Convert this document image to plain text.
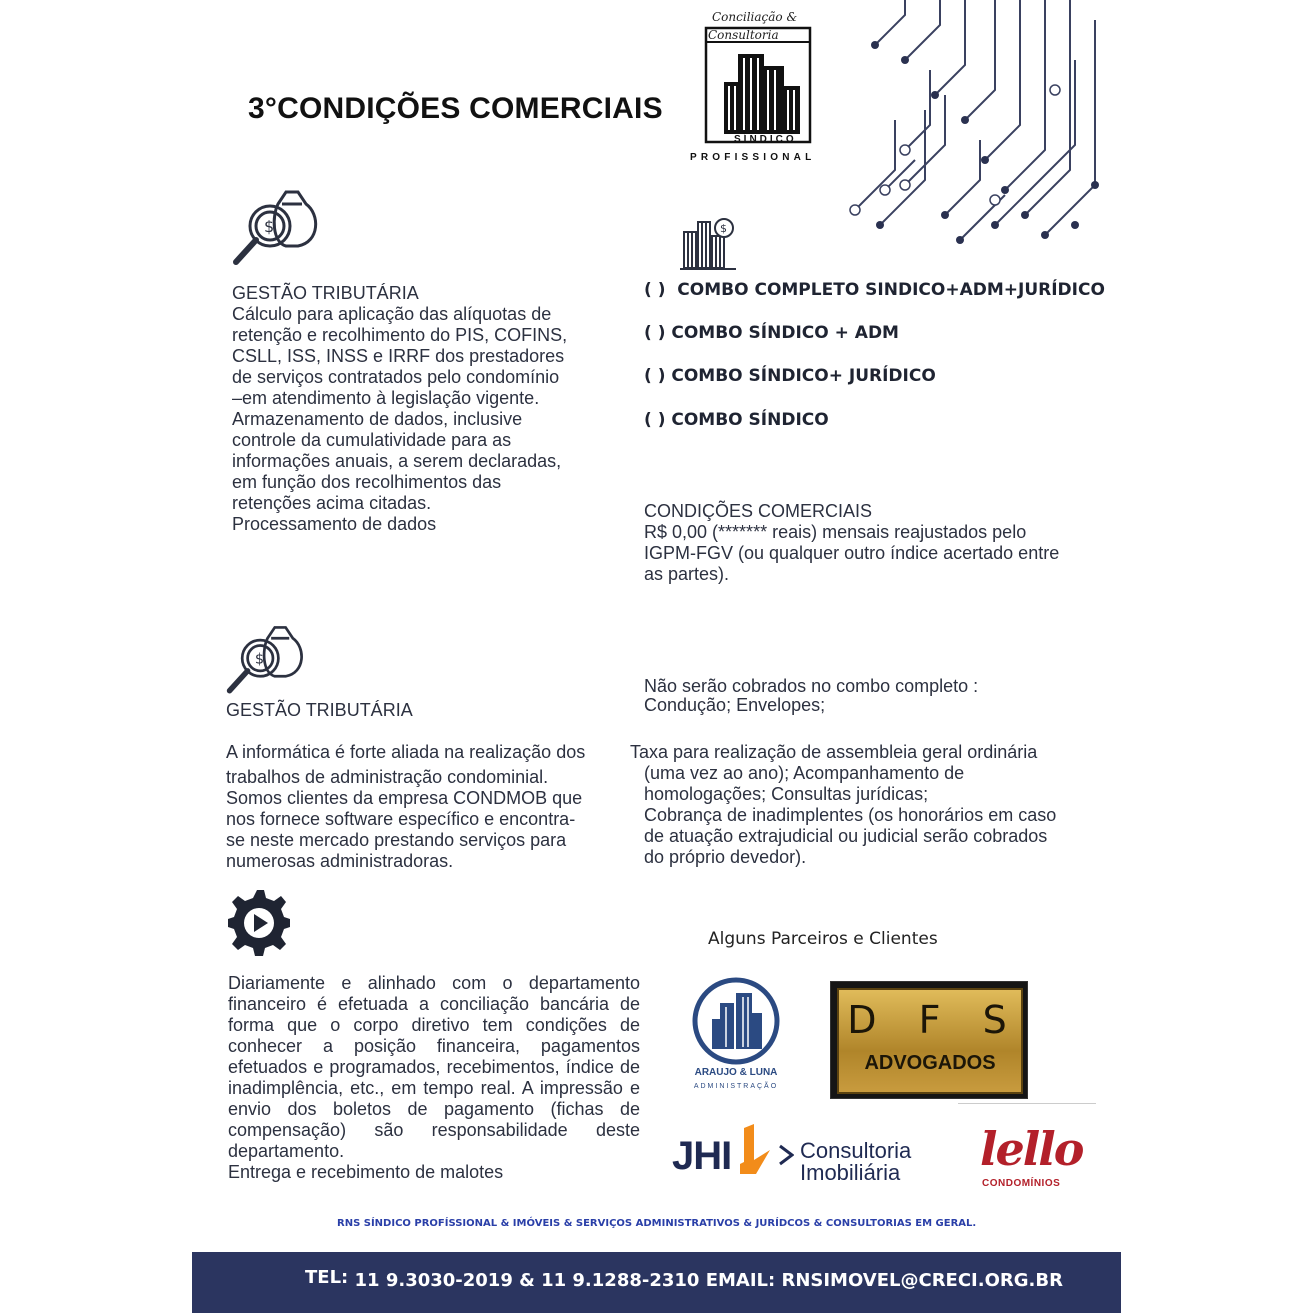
3°CONDIÇÕES COMERCIAIS
Conciliação &
Consultoria
SÍNDICO
PROFISSIONAL
$	$
GESTÃO TRIBUTÁRIA
Cálculo para aplicação das alíquotas de
retenção e recolhimento do PIS, COFINS,
CSLL, ISS, INSS e IRRF dos prestadores
de serviços contratados pelo condomínio
–em atendimento à legislação vigente.
Armazenamento de dados, inclusive
controle da cumulatividade para as
informações anuais, a serem declaradas,
em função dos recolhimentos das
retenções acima citadas.
Processamento de dados
( )  COMBO COMPLETO SINDICO+ADM+JURÍDICO
( ) COMBO SÍNDICO + ADM
( ) COMBO SÍNDICO+ JURÍDICO
( ) COMBO SÍNDICO
CONDIÇÕES COMERCIAIS
R$ 0,00 (******* reais) mensais reajustados pelo
IGPM-FGV (ou qualquer outro índice acertado entre
as partes).
$
GESTÃO TRIBUTÁRIA
A informática é forte aliada na realização dos
trabalhos de administração condominial.
Somos clientes da empresa CONDMOB que
nos fornece software específico e encontra-
se neste mercado prestando serviços para
numerosas administradoras.
Não serão cobrados no combo completo :
Condução; Envelopes;
Taxa para realização de assembleia geral ordinária
(uma vez ao ano); Acompanhamento de
homologações; Consultas jurídicas;
Cobrança de inadimplentes (os honorários em caso
de atuação extrajudicial ou judicial serão cobrados
do próprio devedor).
Diariamente e alinhado com o departamento financeiro é efetuada a conciliação bancária de forma que o corpo diretivo tem condições de conhecer a posição financeira, pagamentos efetuados e programados, recebimentos, índice de inadimplência, etc., em tempo real. A impressão e envio dos boletos de pagamento (fichas de compensação) são responsabilidade deste departamento.
Entrega e recebimento de malotes
Alguns Parceiros e Clientes
ARAUJO & LUNA
ADMINISTRAÇÃO
D  F  S
ADVOGADOS
JHI	Consultoria
Imobiliária lello
CONDOMÍNIOS
RNS SÍNDICO PROFÍSSIONAL & IMÓVEIS & SERVIÇOS ADMINISTRATIVOS & JURÍDCOS & CONSULTORIAS EM GERAL.
TEL: 11 9.3030-2019 & 11 9.1288-2310 EMAIL: RNSIMOVEL@CRECI.ORG.BR
